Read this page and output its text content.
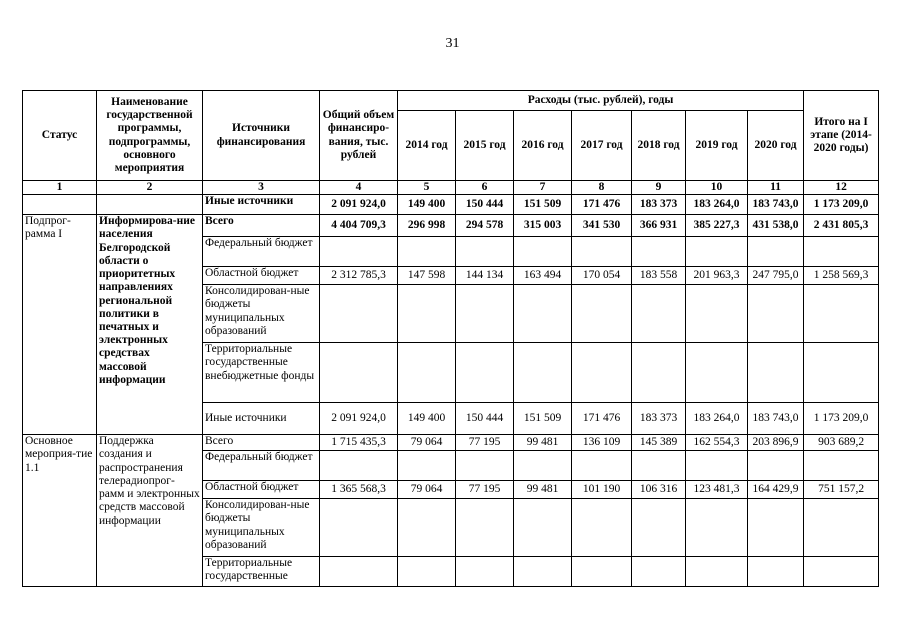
31
Статус	Наименование государственной программы, подпрограммы, основного мероприятия	Источники финансирования	Общий объем финансиро-вания, тыс. рублей	Расходы (тыс. рублей), годы							Итого на I этапе (2014-2020 годы)
				2014 год	2015 год	2016 год	2017 год	2018 год	2019 год	2020 год	
1	2	3	4	5	6	7	8	9	10	11	12
		Иные источники	2 091 924,0	149 400	150 444	151 509	171 476	183 373	183 264,0	183 743,0	1 173 209,0
Подпрог-рамма I	Информирова-ние населения Белгородской области о приоритетных направлениях региональной политики в печатных и электронных средствах массовой информации	Всего	4 404 709,3	296 998	294 578	315 003	341 530	366 931	385 227,3	431 538,0	2 431 805,3
		Федеральный бюджет									
		Областной бюджет	2 312 785,3	147 598	144 134	163 494	170 054	183 558	201 963,3	247 795,0	1 258 569,3
		Консолидирован-ные бюджеты муниципальных образований									
		Территориальные государственные внебюджетные фонды									
		Иные источники	2 091 924,0	149 400	150 444	151 509	171 476	183 373	183 264,0	183 743,0	1 173 209,0
Основное мероприя-тие 1.1	Поддержка создания и распространения телерадиопрог-рамм и электронных средств массовой информации	Всего	1 715 435,3	79 064	77 195	99 481	136 109	145 389	162 554,3	203 896,9	903 689,2
		Федеральный бюджет									
		Областной бюджет	1 365 568,3	79 064	77 195	99 481	101 190	106 316	123 481,3	164 429,9	751 157,2
		Консолидирован-ные бюджеты муниципальных образований									
		Территориальные государственные									
